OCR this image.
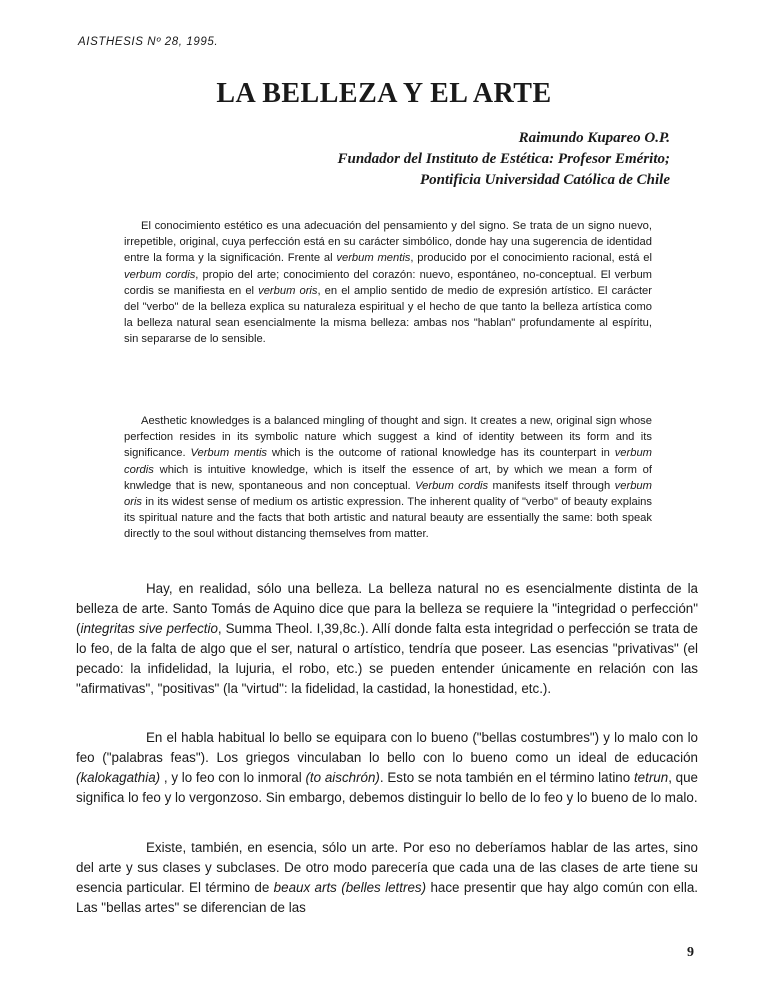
AISTHESIS Nº 28, 1995.
LA BELLEZA Y EL ARTE
Raimundo Kupareo O.P.
Fundador del Instituto de Estética: Profesor Emérito;
Pontificia Universidad Católica de Chile

El conocimiento estético es una adecuación del pensamiento y del signo. Se trata de un signo nuevo, irrepetible, original, cuya perfección está en su carácter simbólico, donde hay una sugerencia de identidad entre la forma y la significación. Frente al verbum mentis, producido por el conocimiento racional, está el verbum cordis, propio del arte; conocimiento del corazón: nuevo, espontáneo, no-conceptual. El verbum cordis se manifiesta en el verbum oris, en el amplio sentido de medio de expresión artístico. El carácter del "verbo" de la belleza explica su naturaleza espiritual y el hecho de que tanto la belleza artística como la belleza natural sean esencialmente la misma belleza: ambas nos "hablan" profundamente al espíritu, sin separarse de lo sensible.

Aesthetic knowledges is a balanced mingling of thought and sign. It creates a new, original sign whose perfection resides in its symbolic nature which suggest a kind of identity between its form and its significance. Verbum mentis which is the outcome of rational knowledge has its counterpart in verbum cordis which is intuitive knowledge, which is itself the essence of art, by which we mean a form of knwledge that is new, spontaneous and non conceptual. Verbum cordis manifests itself through verbum oris in its widest sense of medium os artistic expression. The inherent quality of "verbo" of beauty explains its spiritual nature and the facts that both artistic and natural beauty are essentially the same: both speak directly to the soul without distancing themselves from matter.

Hay, en realidad, sólo una belleza. La belleza natural no es esencialmente distinta de la belleza de arte. Santo Tomás de Aquino dice que para la belleza se requiere la "integridad o perfección" (integritas sive perfectio, Summa Theol. I,39,8c.). Allí donde falta esta integridad o perfección se trata de lo feo, de la falta de algo que el ser, natural o artístico, tendría que poseer. Las esencias "privativas" (el pecado: la infidelidad, la lujuria, el robo, etc.) se pueden entender únicamente en relación con las "afirmativas", "positivas" (la "virtud": la fidelidad, la castidad, la honestidad, etc.).

En el habla habitual lo bello se equipara con lo bueno ("bellas costumbres") y lo malo con lo feo ("palabras feas"). Los griegos vinculaban lo bello con lo bueno como un ideal de educación (kalokagathia) , y lo feo con lo inmoral (to aischrón). Esto se nota también en el término latino tetrun, que significa lo feo y lo vergonzoso. Sin embargo, debemos distinguir lo bello de lo feo y lo bueno de lo malo.

Existe, también, en esencia, sólo un arte. Por eso no deberíamos hablar de las artes, sino del arte y sus clases y subclases. De otro modo parecería que cada una de las clases de arte tiene su esencia particular. El término de beaux arts (belles lettres) hace presentir que hay algo común con ella. Las "bellas artes" se diferencian de las

9
